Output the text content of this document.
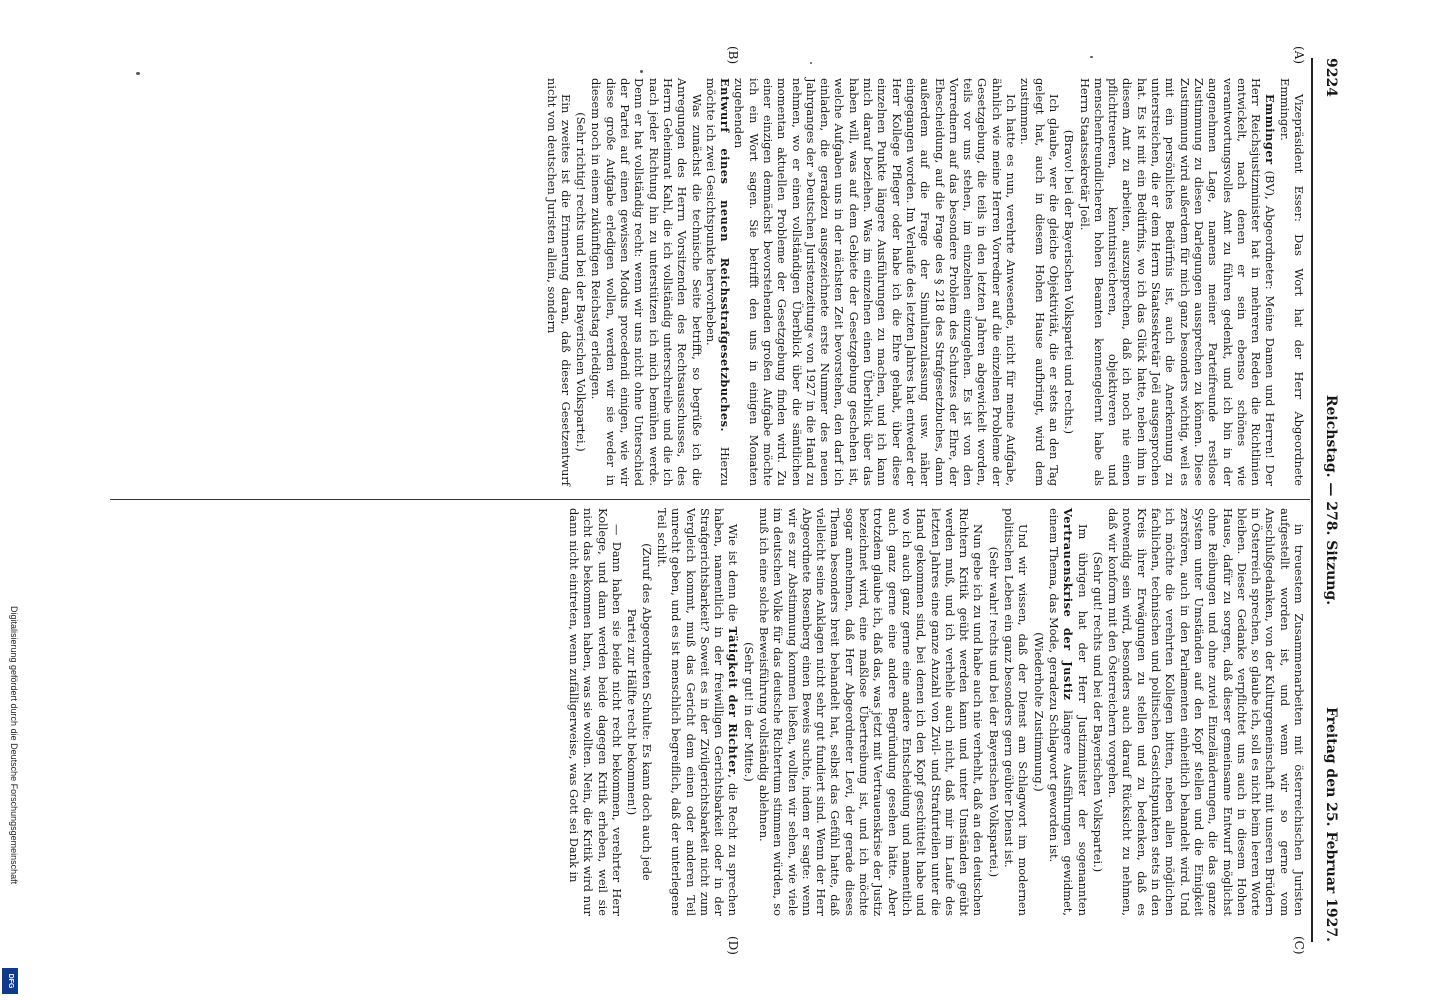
Digitalisierung gefördert durch die Deutsche Forschungsgemeinschaft
DFG
9224
Reichstag. — 278. Sitzung.
Freitag den 25. Februar 1927.
(A)
(B)
(C)
(D)

Vizepräsident Esser: Das Wort hat der Herr Abgeordnete Emminger.

Emminger (BV), Abgeordneter: Meine Damen und Herren! Der Herr Reichsjustizminister hat in mehreren Reden die Richtlinien entwickelt, nach denen er sein ebenso schönes wie verantwortungsvolles Amt zu führen gedenkt, und ich bin in der angenehmen Lage, namens meiner Parteifreunde restlose Zustimmung zu diesen Darlegungen aussprechen zu können. Diese Zustimmung wird außerdem für mich ganz besonders wichtig, weil es mit ein persönliches Bedürfnis ist, auch die Anerkennung zu unterstreichen, die er dem Herrn Staatssekretär Joël ausgesprochen hat. Es ist mit ein Bedürfnis, wo ich das Glück hatte, neben ihm in diesem Amt zu arbeiten, auszusprechen, daß ich noch nie einen pflichttreueren, kenntnisreicheren, objektiveren und menschenfreundlicheren hohen Beamten kennengelernt habe als Herrn Staatssekretär Joël.

(Bravo! bei der Bayerischen Volkspartei und rechts.)

Ich glaube, wer die gleiche Objektivität, die er stets an den Tag gelegt hat, auch in diesem Hohen Hause aufbringt, wird dem zustimmen.

Ich hatte es nun, verehrte Anwesende, nicht für meine Aufgabe, ähnlich wie meine Herren Vorredner auf die einzelnen Probleme der Gesetzgebung, die teils in den letzten Jahren abgewickelt worden, teils vor uns stehen, im einzelnen einzugehen. Es ist von den Vorrednern auf das besondere Problem des Schutzes der Ehre, der Ehescheidung, auf die Frage des § 218 des Strafgesetzbuches, dann außerdem auf die Frage der Simultanzulassung usw. näher eingegangen worden. Im Verlaufe des letzten Jahres hat entweder der Herr Kollege Pfleger oder habe ich die Ehre gehabt, über diese einzelnen Punkte längere Ausführungen zu machen, und ich kann mich darauf beziehen. Was im einzelnen einen Überblick über das haben will, was auf dem Gebiete der Gesetzgebung geschehen ist, welche Aufgaben uns in der nächsten Zeit bevorstehen, den darf ich einladen, die geradezu ausgezeichnete erste Nummer des neuen Jahrganges der »Deutschen Juristenzeitung« von 1927 in die Hand zu nehmen, wo er einen vollständigen Überblick über die sämtlichen momentan aktuellen Probleme der Gesetzgebung finden wird. Zu einer einzigen demnächst bevorstehenden großen Aufgabe möchte ich ein Wort sagen. Sie betrifft den uns in einigen Monaten zugehenden

Entwurf eines neuen Reichsstrafgesetzbuches. Hierzu möchte ich zwei Gesichtspunkte hervorheben.

Was zunächst die technische Seite betrifft, so begrüße ich die Anregungen des Herrn Vorsitzenden des Rechtsausschusses, des Herrn Geheimrat Kahl, die ich vollständig unterschreibe und die ich nach jeder Richtung hin zu unterstützen ich mich bemühen werde. Denn er hat vollständig recht: wenn wir uns nicht ohne Unterschied der Partei auf einen gewissen Modus procedendi einigen, wie wir diese große Aufgabe erledigen wollen, werden wir sie weder in diesem noch in einem zukünftigen Reichstag erledigen.

(Sehr richtig! rechts und bei der Bayerischen Volkspartei.)

Ein zweites ist die Erinnerung daran, daß dieser Gesetzentwurf nicht von deutschen Juristen allein, sondern

in treuestem Zusammenarbeiten mit österreichischen Juristen aufgestellt worden ist, und wenn wir so gerne vom Anschlußgedanken, von der Kulturgemeinschaft mit unseren Brüdern in Österreich sprechen, so glaube ich, soll es nicht beim leeren Worte bleiben. Dieser Gedanke verpflichtet uns auch in diesem Hohen Hause, dafür zu sorgen, daß dieser gemeinsame Entwurf möglichst ohne Reibungen und ohne zuviel Einzeländerungen, die das ganze System unter Umständen auf den Kopf stellen und die Einigkeit zerstören, auch in den Parlamenten einheitlich behandelt wird. Und ich möchte die verehrten Kollegen bitten, neben allen möglichen fachlichen, technischen und politischen Gesichtspunkten stets in den Kreis ihrer Erwägungen zu stellen und zu bedenken, daß es notwendig sein wird, besonders auch darauf Rücksicht zu nehmen, daß wir konform mit den Österreichern vorgehen.

(Sehr gut! rechts und bei der Bayerischen Volkspartei.)

Im übrigen hat der Herr Justizminister der sogenannten Vertrauenskrise der Justiz längere Ausführungen gewidmet, einem Thema, das Mode, geradezu Schlagwort geworden ist.

(Wiederholte Zustimmung.)

Und wir wissen, daß der Dienst am Schlagwort im modernen politischen Leben ein ganz besonders gern geübter Dienst ist.

(Sehr wahr! rechts und bei der Bayerischen Volkspartei.)

Nun gebe ich zu und habe auch nie verhehlt, daß an den deutschen Richtern Kritik geübt werden kann und unter Umständen geübt werden muß, und ich verhehle auch nicht, daß mir im Laufe des letzten Jahres eine ganze Anzahl von Zivil- und Strafurteilen unter die Hand gekommen sind, bei denen ich den Kopf geschüttelt habe und wo ich auch ganz gerne eine andere Entscheidung und namentlich auch ganz gerne eine andere Begründung gesehen hätte. Aber trotzdem glaube ich, daß das, was jetzt mit Vertrauenskrise der Justiz bezeichnet wird, eine maßlose Übertreibung ist, und ich möchte sogar annehmen, daß Herr Abgeordneter Levi, der gerade dieses Thema besonders breit behandelt hat, selbst das Gefühl hatte, daß vielleicht seine Anklagen nicht sehr gut fundiert sind. Wenn der Herr Abgeordnete Rosenberg einen Beweis suchte, indem er sagte: wenn wir es zur Abstimmung kommen ließen, wollten wir sehen, wie viele im deutschen Volke für das deutsche Richtertum stimmen würden, so muß ich eine solche Beweisführung vollständig ablehnen.

(Sehr gut! in der Mitte.)

Wie ist denn die Tätigkeit der Richter, die Recht zu sprechen haben, namentlich in der freiwilligen Gerichtsbarkeit oder in der Strafgerichtsbarkeit? Soweit es in der Zivilgerichtsbarkeit nicht zum Vergleich kommt, muß das Gericht dem einen oder anderen Teil unrecht geben, und es ist menschlich begreiflich, daß der unterlegene Teil schilt.

(Zuruf des Abgeordneten Schulte: Es kann doch auch jede Partei zur Hälfte recht bekommen!)

— Dann haben sie beide nicht recht bekommen, verehrter Herr Kollege, und dann werden beide dagegen Kritik erheben, weil sie nicht das bekommen haben, was sie wollten. Nein, die Kritik wird nur dann nicht eintreten, wenn zufälligerweise, was Gott sei Dank in
